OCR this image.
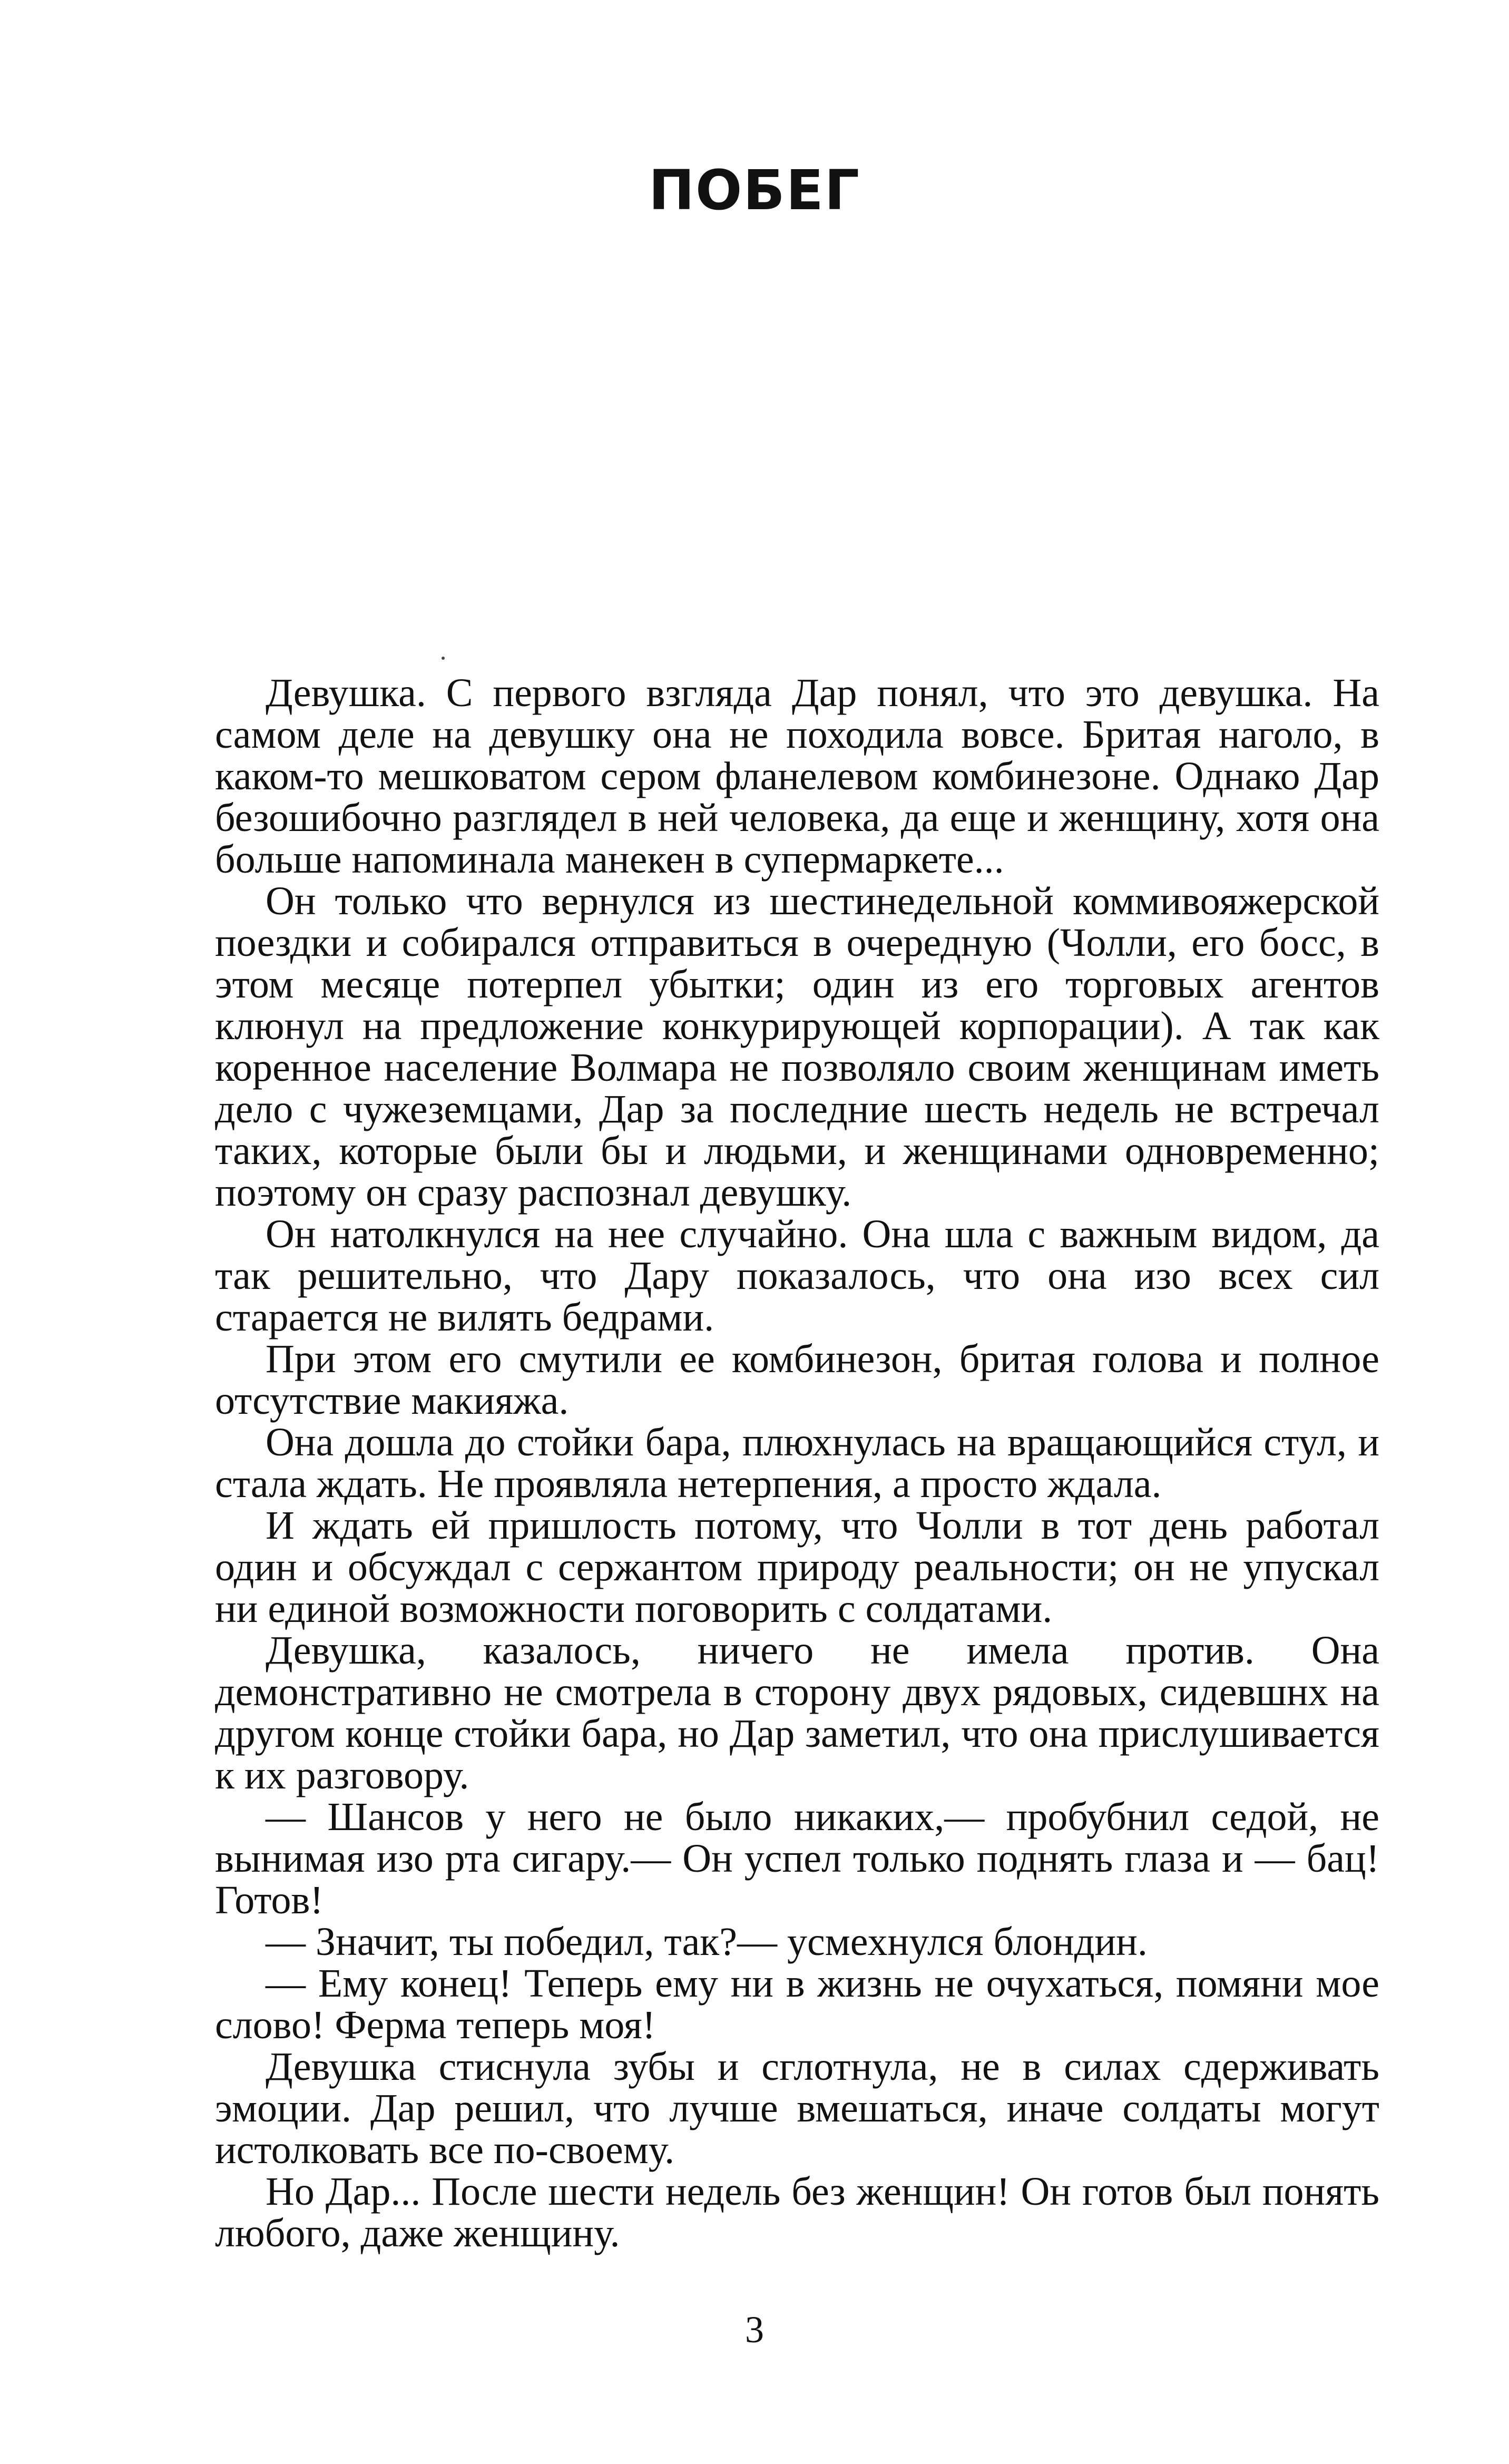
ПОБЕГ

Девушка. С первого взгляда Дар понял, что это девушка. На самом деле на девушку она не походила вовсе. Бритая наголо, в каком-то мешковатом сером фланелевом комбинезоне. Однако Дар безошибочно разглядел в ней человека, да еще и женщину, хотя она больше напоминала манекен в супермаркете...

Он только что вернулся из шестинедельной коммивояжерской поездки и собирался отправиться в очередную (Чолли, его босс, в этом месяце потерпел убытки; один из его торговых агентов клюнул на предложение конкурирующей корпорации). А так как коренное население Волмара не позволяло своим женщинам иметь дело с чужеземцами, Дар за последние шесть недель не встречал таких, которые были бы и людьми, и женщинами одновременно; поэтому он сразу распознал девушку.

Он натолкнулся на нее случайно. Она шла с важным видом, да так решительно, что Дару показалось, что она изо всех сил старается не вилять бедрами.

При этом его смутили ее комбинезон, бритая голова и полное отсутствие макияжа.

Она дошла до стойки бара, плюхнулась на вращающийся стул, и стала ждать. Не проявляла нетерпения, а просто ждала.

И ждать ей пришлость потому, что Чолли в тот день работал один и обсуждал с сержантом природу реальности; он не упускал ни единой возможности поговорить с солдатами.

Девушка, казалось, ничего не имела против. Она демонстративно не смотрела в сторону двух рядовых, сидевшнх на другом конце стойки бара, но Дар заметил, что она прислушивается к их разговору.

— Шансов у него не было никаких,— пробубнил седой, не вынимая изо рта сигару.— Он успел только поднять глаза и — бац! Готов!

— Значит, ты победил, так?— усмехнулся блондин.

— Ему конец! Теперь ему ни в жизнь не очухаться, помяни мое слово! Ферма теперь моя!

Девушка стиснула зубы и сглотнула, не в силах сдерживать эмоции. Дар решил, что лучше вмешаться, иначе солдаты могут истолковать все по-своему.

Но Дар... После шести недель без женщин! Он готов был понять любого, даже женщину.

3
